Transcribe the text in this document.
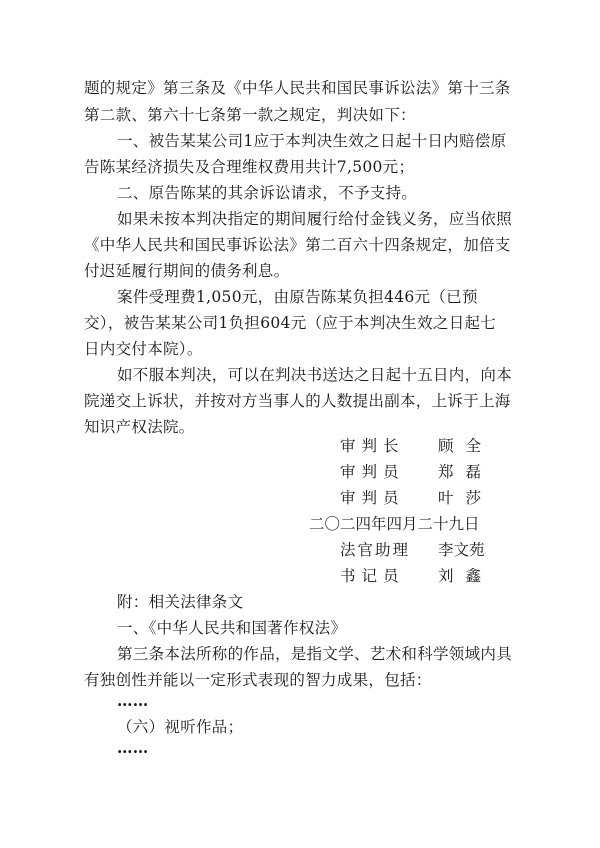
题的规定》第三条及《中华人民共和国民事诉讼法》第十三条
第二款、第六十七条第一款之规定，判决如下：
一、被告某某公司1应于本判决生效之日起十日内赔偿原
告陈某经济损失及合理维权费用共计7,500元；
二、原告陈某的其余诉讼请求，不予支持。
如果未按本判决指定的期间履行给付金钱义务，应当依照
《中华人民共和国民事诉讼法》第二百六十四条规定，加倍支
付迟延履行期间的债务利息。
案件受理费1,050元，由原告陈某负担446元（已预
交），被告某某公司1负担604元（应于本判决生效之日起七
日内交付本院）。
如不服本判决，可以在判决书送达之日起十五日内，向本
院递交上诉状，并按对方当事人的人数提出副本，上诉于上海
知识产权法院。
审判长 顾全
审判员 郑磊
审判员 叶莎
二〇二四年四月二十九日
法官助理 李文苑
书记员 刘鑫
附：相关法律条文
一、《中华人民共和国著作权法》
第三条本法所称的作品，是指文学、艺术和科学领域内具
有独创性并能以一定形式表现的智力成果，包括：
……
（六）视听作品；
……
